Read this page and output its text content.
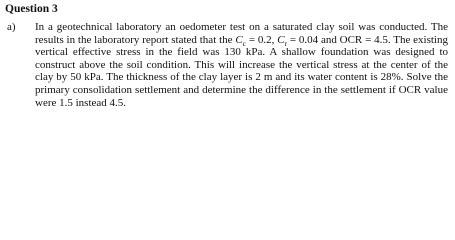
Question 3
a) In a geotechnical laboratory an oedometer test on a saturated clay soil was conducted. The results in the laboratory report stated that the $C_c = 0.2$, $C_r = 0.04$ and OCR = 4.5. The existing vertical effective stress in the field was 130 kPa. A shallow foundation was designed to construct above the soil condition. This will increase the vertical stress at the center of the clay by 50 kPa. The thickness of the clay layer is 2 m and its water content is 28%. Solve the primary consolidation settlement and determine the difference in the settlement if OCR value were 1.5 instead 4.5.
